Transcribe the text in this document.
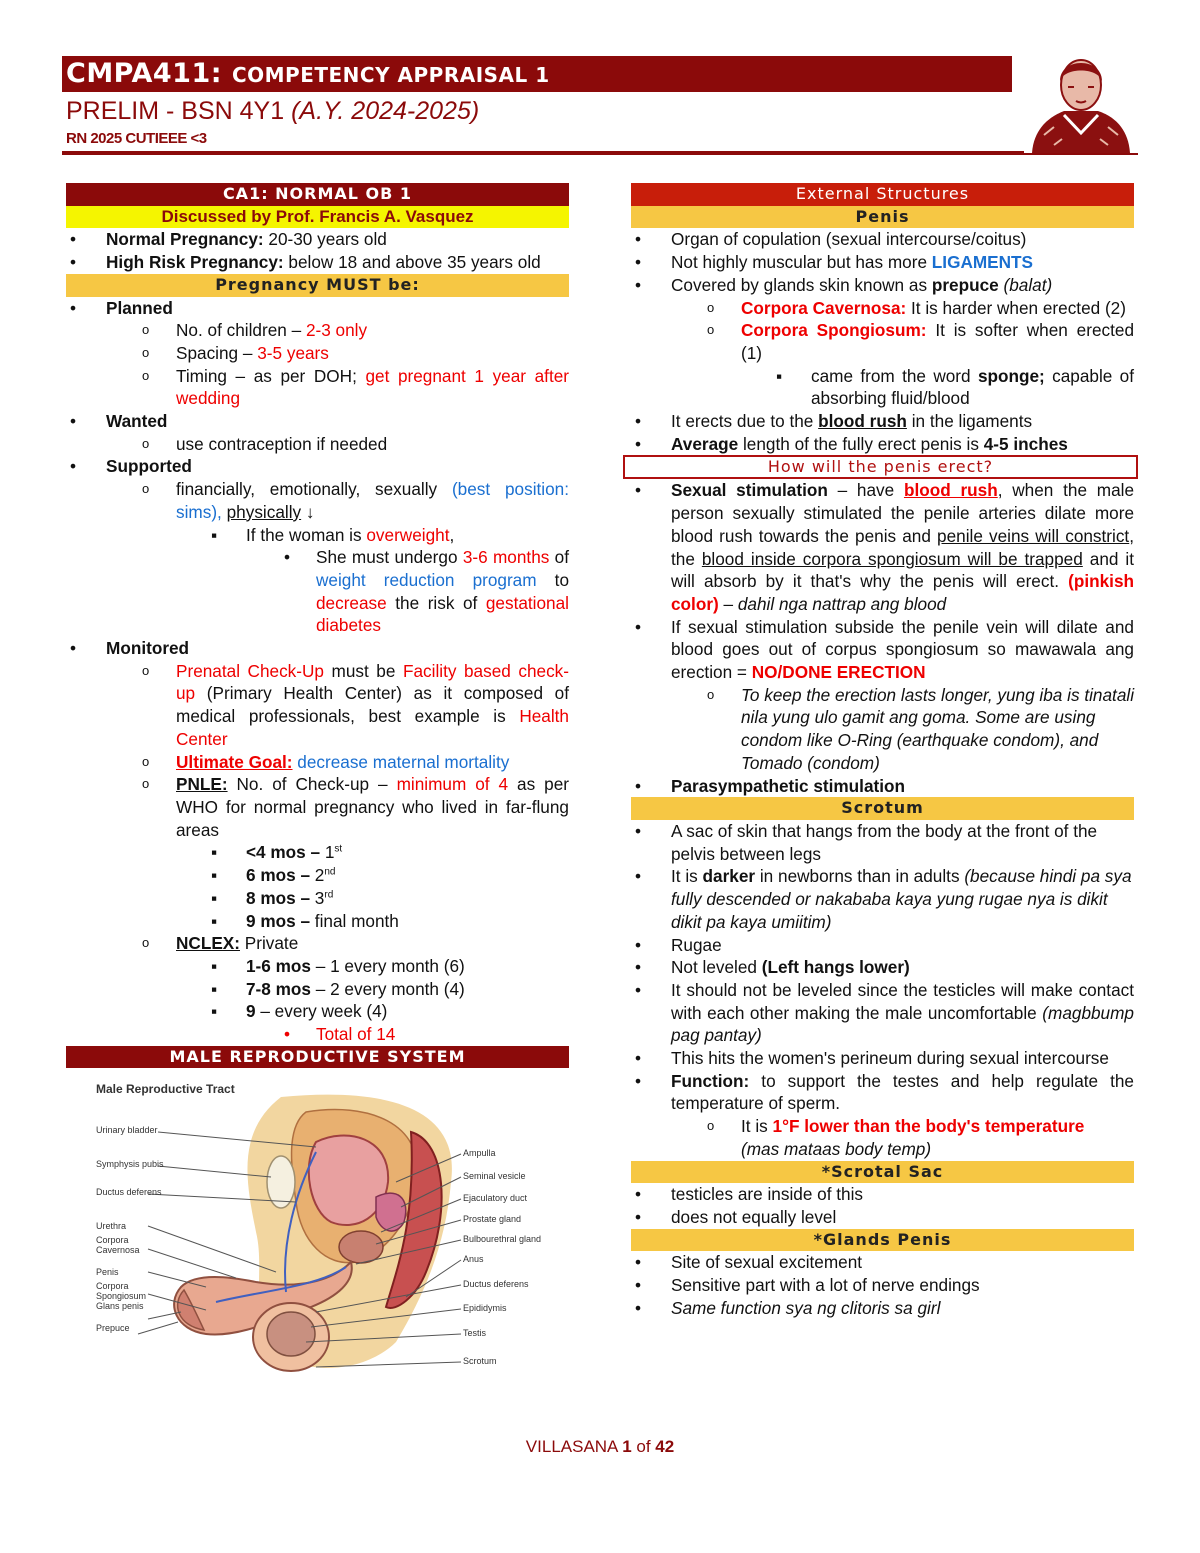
CMPA411: COMPETENCY APPRAISAL 1
PRELIM - BSN 4Y1 (A.Y. 2024-2025)
RN 2025 CUTIEEE <3
CA1: NORMAL OB 1
Discussed by Prof. Francis A. Vasquez
• Normal Pregnancy: 20-30 years old
• High Risk Pregnancy: below 18 and above 35 years old
Pregnancy MUST be:
• Planned
o No. of children – 2-3 only
o Spacing – 3-5 years
o Timing – as per DOH; get pregnant 1 year after wedding
• Wanted
o use contraception if needed
• Supported
o financially, emotionally, sexually (best position: sims), physically ↓
▪ If the woman is overweight,
• She must undergo 3-6 months of weight reduction program to decrease the risk of gestational diabetes
• Monitored
o Prenatal Check-Up must be Facility based check-up (Primary Health Center) as it composed of medical professionals, best example is Health Center
o Ultimate Goal: decrease maternal mortality
o PNLE: No. of Check-up – minimum of 4 as per WHO for normal pregnancy who lived in far-flung areas
▪ <4 mos – 1st
▪ 6 mos – 2nd
▪ 8 mos – 3rd
▪ 9 mos – final month
o NCLEX: Private
▪ 1-6 mos – 1 every month (6)
▪ 7-8 mos – 2 every month (4)
▪ 9 – every week (4)
• Total of 14
MALE REPRODUCTIVE SYSTEM
Male Reproductive Tract
Urinary bladder
Symphysis pubis
Ductus deferens
Urethra
Corpora
Cavernosa
Penis
Corpora
Spongiosum
Glans penis
Prepuce
Ampulla
Seminal vesicle
Ejaculatory duct
Prostate gland
Bulbourethral gland
Anus
Ductus deferens
Epididymis
Testis
Scrotum
External Structures
Penis
• Organ of copulation (sexual intercourse/coitus)
• Not highly muscular but has more LIGAMENTS
• Covered by glands skin known as prepuce (balat)
o Corpora Cavernosa: It is harder when erected (2)
o Corpora Spongiosum: It is softer when erected (1)
▪ came from the word sponge; capable of absorbing fluid/blood
• It erects due to the blood rush in the ligaments
• Average length of the fully erect penis is 4-5 inches
How will the penis erect?
• Sexual stimulation – have blood rush, when the male person sexually stimulated the penile arteries dilate more blood rush towards the penis and penile veins will constrict, the blood inside corpora spongiosum will be trapped and it will absorb by it that's why the penis will erect. (pinkish color) – dahil nga nattrap ang blood
• If sexual stimulation subside the penile vein will dilate and blood goes out of corpus spongiosum so mawawala ang erection = NO/DONE ERECTION
o To keep the erection lasts longer, yung iba is tinatali nila yung ulo gamit ang goma. Some are using condom like O-Ring (earthquake condom), and Tomado (condom)
• Parasympathetic stimulation
Scrotum
• A sac of skin that hangs from the body at the front of the pelvis between legs
• It is darker in newborns than in adults (because hindi pa sya fully descended or nakababa kaya yung rugae nya is dikit dikit pa kaya umiitim)
• Rugae
• Not leveled (Left hangs lower)
• It should not be leveled since the testicles will make contact with each other making the male uncomfortable (magbbump pag pantay)
• This hits the women's perineum during sexual intercourse
• Function: to support the testes and help regulate the temperature of sperm.
o It is 1°F lower than the body's temperature
(mas mataas body temp)
*Scrotal Sac
• testicles are inside of this
• does not equally level
*Glands Penis
• Site of sexual excitement
• Sensitive part with a lot of nerve endings
• Same function sya ng clitoris sa girl
VILLASANA 1 of 42
